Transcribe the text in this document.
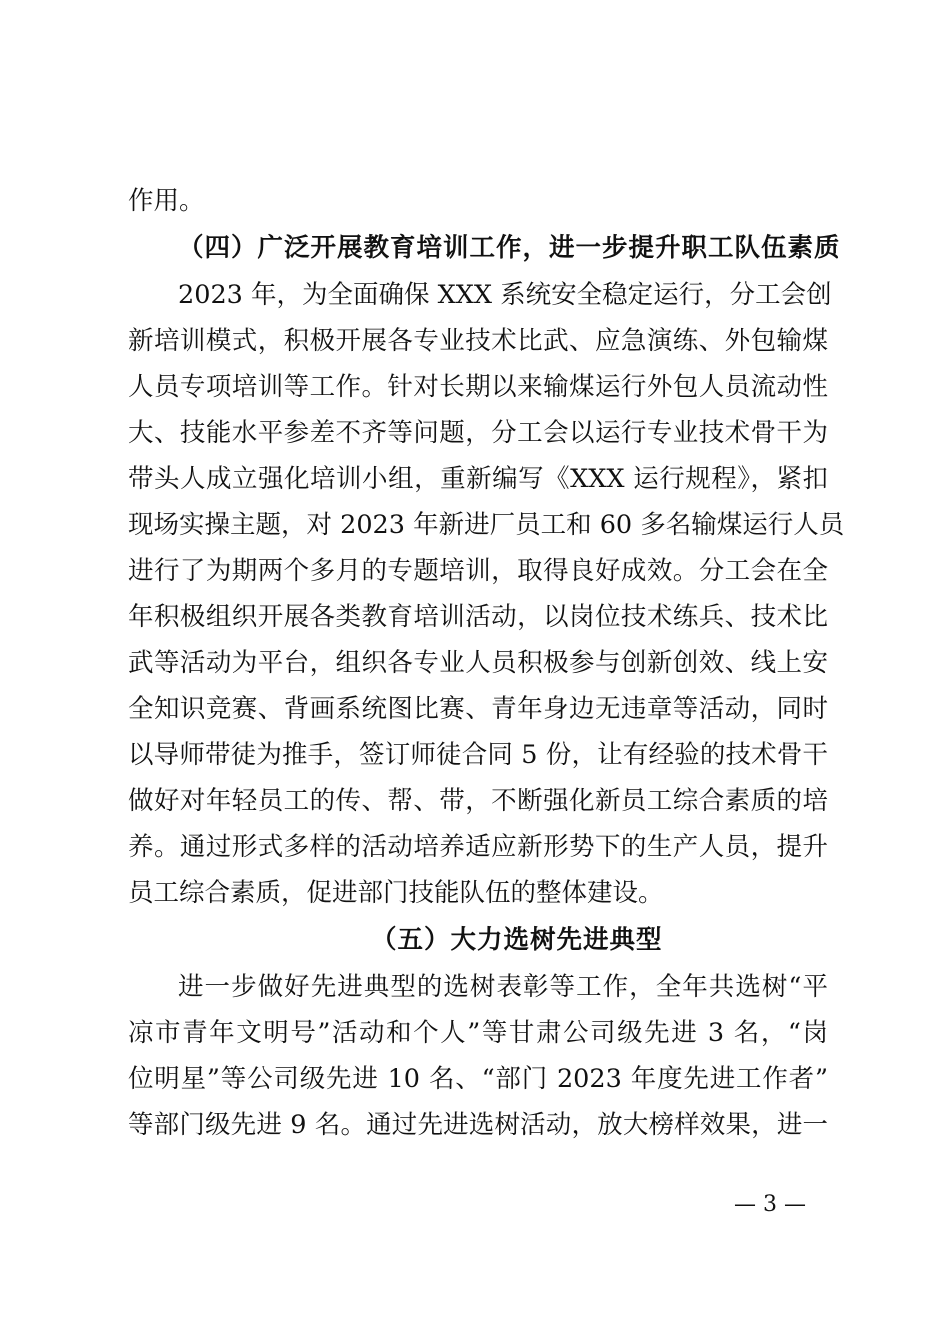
作用。
（四）广泛开展教育培训工作，进一步提升职工队伍素质
2023 年，为全面确保 XXX 系统安全稳定运行，分工会创
新培训模式，积极开展各专业技术比武、应急演练、外包输煤
人员专项培训等工作。针对长期以来输煤运行外包人员流动性
大、技能水平参差不齐等问题，分工会以运行专业技术骨干为
带头人成立强化培训小组，重新编写《XXX 运行规程》，紧扣
现场实操主题，对 2023 年新进厂员工和 60 多名输煤运行人员
进行了为期两个多月的专题培训，取得良好成效。分工会在全
年积极组织开展各类教育培训活动，以岗位技术练兵、技术比
武等活动为平台，组织各专业人员积极参与创新创效、线上安
全知识竞赛、背画系统图比赛、青年身边无违章等活动，同时
以导师带徒为推手，签订师徒合同 5 份，让有经验的技术骨干
做好对年轻员工的传、帮、带，不断强化新员工综合素质的培
养。通过形式多样的活动培养适应新形势下的生产人员，提升
员工综合素质，促进部门技能队伍的整体建设。
（五）大力选树先进典型
进一步做好先进典型的选树表彰等工作，全年共选树“平
凉市青年文明号”活动和个人”等甘肃公司级先进 3 名，“岗
位明星”等公司级先进 10 名、“部门 2023 年度先进工作者”
等部门级先进 9 名。通过先进选树活动，放大榜样效果，进一
— 3 —
